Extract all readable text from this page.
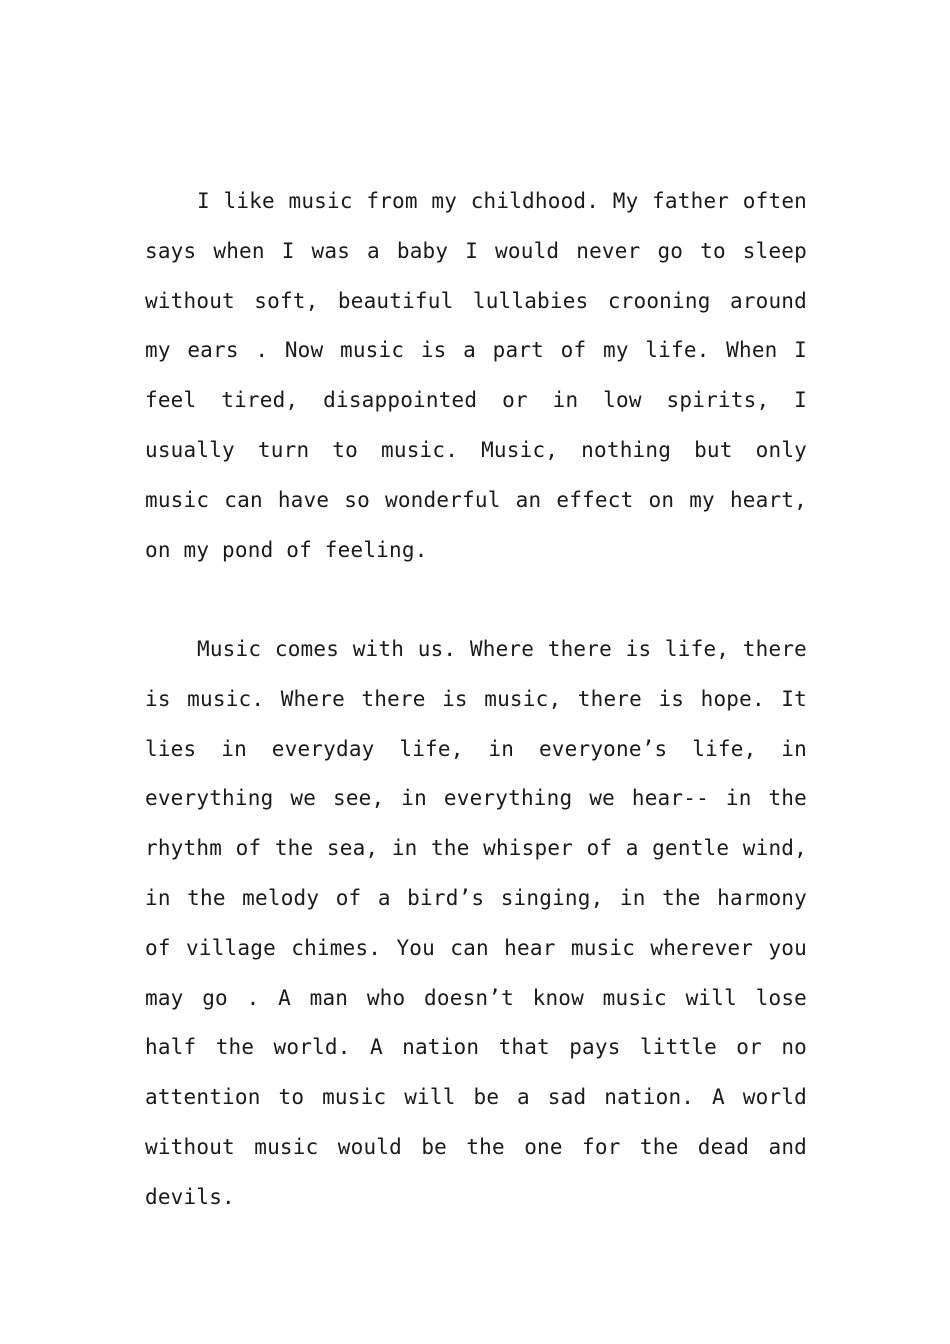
I like music from my childhood. My father often says when I was a baby I would never go to sleep without soft, beautiful lullabies crooning around my ears . Now music is a part of my life. When I feel tired, disappointed or in low spirits, I usually turn to music. Music, nothing but only music can have so wonderful an effect on my heart, on my pond of feeling.

Music comes with us. Where there is life, there is music. Where there is music, there is hope. It lies in everyday life, in everyone’s life, in everything we see, in everything we hear-- in the rhythm of the sea, in the whisper of a gentle wind, in the melody of a bird’s singing, in the harmony of village chimes. You can hear music wherever you may go . A man who doesn’t know music will lose half the world. A nation that pays little or no attention to music will be a sad nation. A world without music would be the one for the dead and devils.
